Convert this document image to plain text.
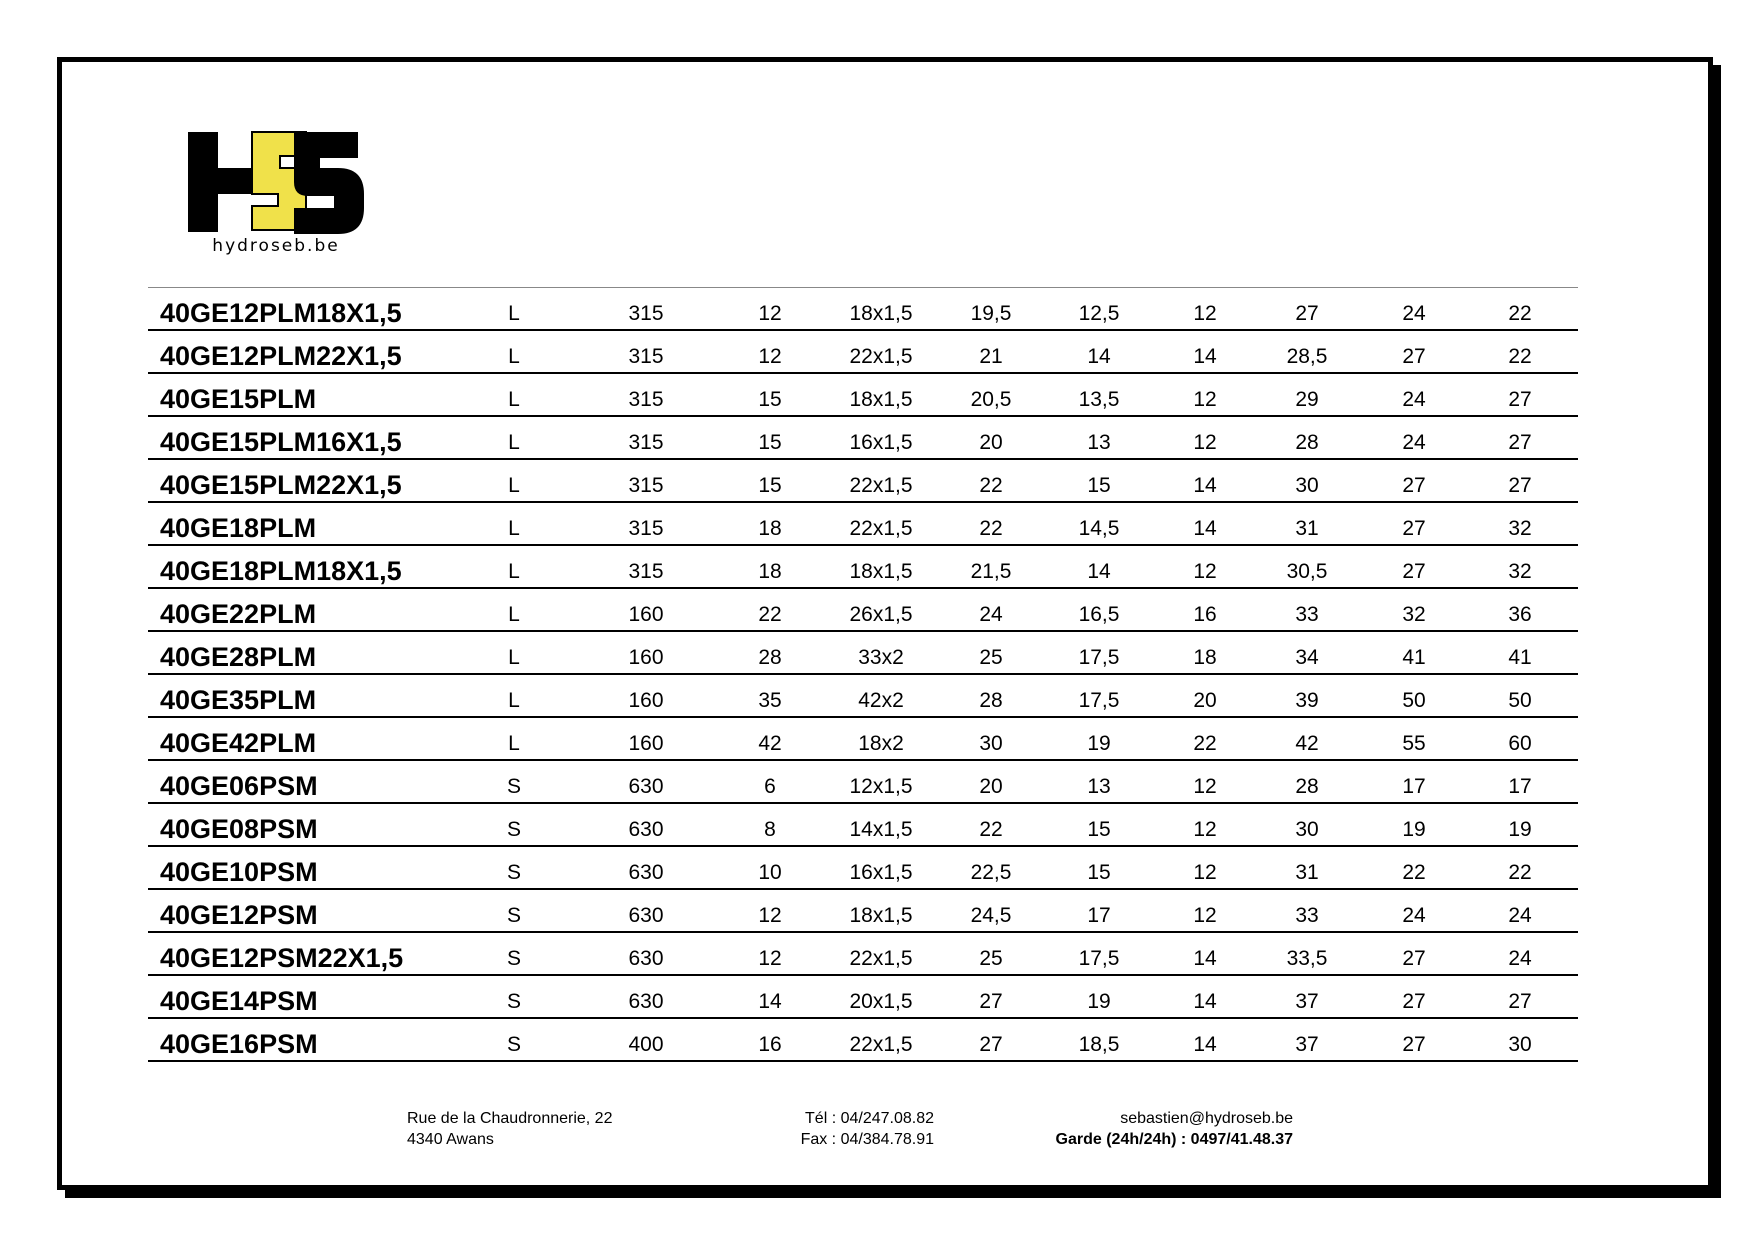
hydroseb.be
40GE12PLM18X1,5	L	315	12	18x1,5	19,5	12,5	12	27	24	22
40GE12PLM22X1,5	L	315	12	22x1,5	21	14	14	28,5	27	22
40GE15PLM	L	315	15	18x1,5	20,5	13,5	12	29	24	27
40GE15PLM16X1,5	L	315	15	16x1,5	20	13	12	28	24	27
40GE15PLM22X1,5	L	315	15	22x1,5	22	15	14	30	27	27
40GE18PLM	L	315	18	22x1,5	22	14,5	14	31	27	32
40GE18PLM18X1,5	L	315	18	18x1,5	21,5	14	12	30,5	27	32
40GE22PLM	L	160	22	26x1,5	24	16,5	16	33	32	36
40GE28PLM	L	160	28	33x2	25	17,5	18	34	41	41
40GE35PLM	L	160	35	42x2	28	17,5	20	39	50	50
40GE42PLM	L	160	42	18x2	30	19	22	42	55	60
40GE06PSM	S	630	6	12x1,5	20	13	12	28	17	17
40GE08PSM	S	630	8	14x1,5	22	15	12	30	19	19
40GE10PSM	S	630	10	16x1,5	22,5	15	12	31	22	22
40GE12PSM	S	630	12	18x1,5	24,5	17	12	33	24	24
40GE12PSM22X1,5	S	630	12	22x1,5	25	17,5	14	33,5	27	24
40GE14PSM	S	630	14	20x1,5	27	19	14	37	27	27
40GE16PSM	S	400	16	22x1,5	27	18,5	14	37	27	30
Rue de la Chaudronnerie, 22
4340 Awans
Tél : 04/247.08.82
Fax : 04/384.78.91
sebastien@hydroseb.be
Garde (24h/24h) : 0497/41.48.37
